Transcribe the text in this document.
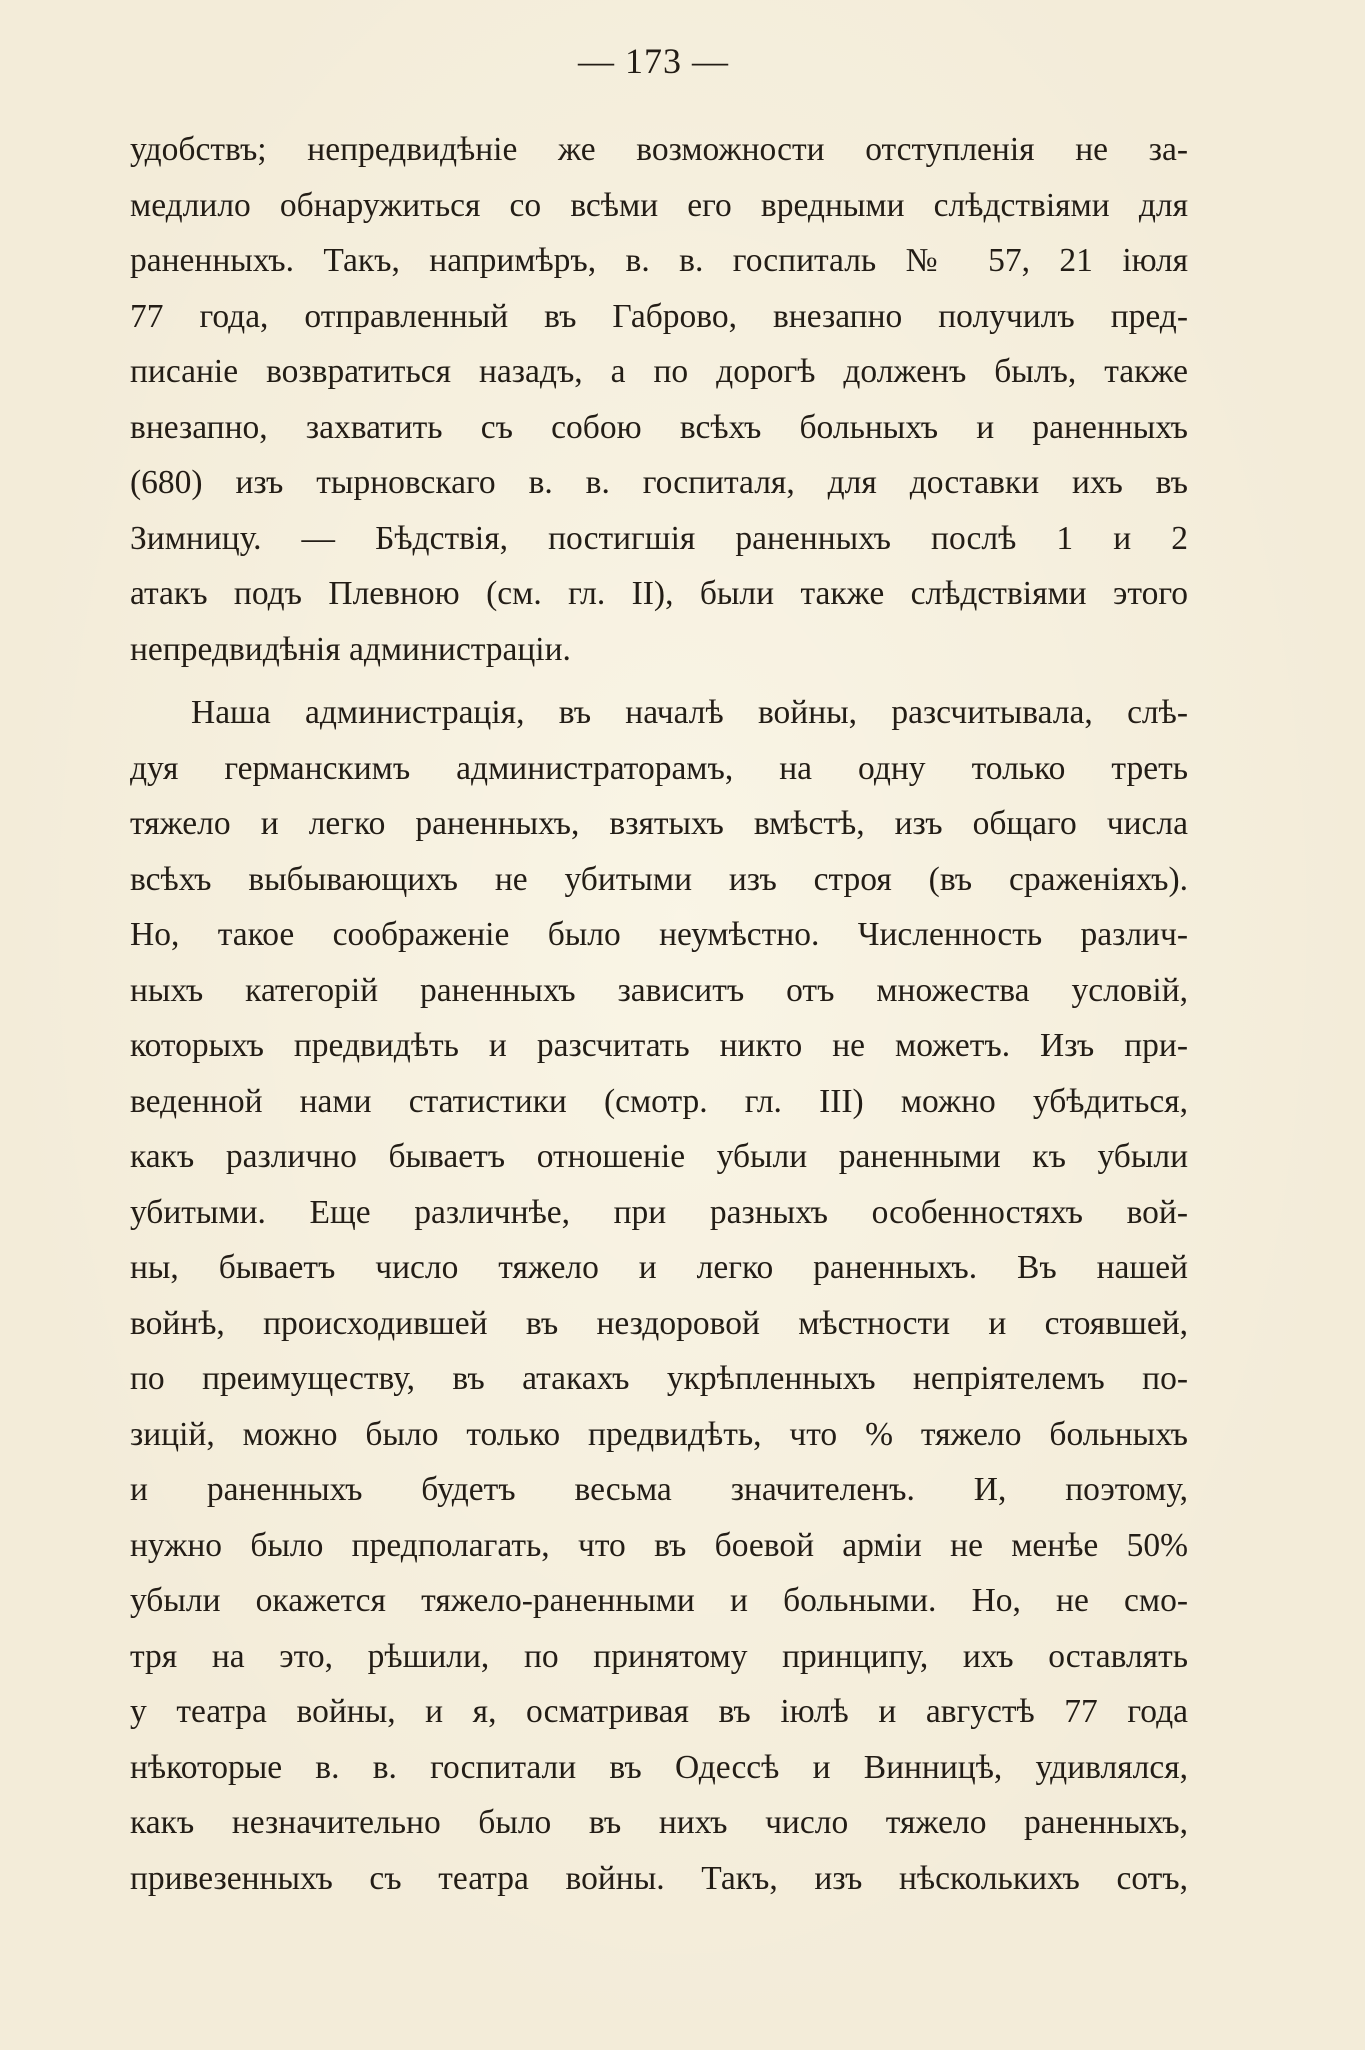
— 173 —
удобствъ; непредвидѣніе же возможности отступленія не за-
медлило обнаружиться со всѣми его вредными слѣдствіями для
раненныхъ. Такъ, напримѣръ, в. в. госпиталь № 57, 21 іюля
77 года, отправленный въ Габрово, внезапно получилъ пред-
писаніе возвратиться назадъ, а по дорогѣ долженъ былъ, также
внезапно, захватить съ собою всѣхъ больныхъ и раненныхъ
(680) изъ тырновскаго в. в. госпиталя, для доставки ихъ въ
Зимницу. — Бѣдствія, постигшія раненныхъ послѣ 1 и 2
атакъ подъ Плевною (см. гл. II), были также слѣдствіями этого
непредвидѣнія администраціи.
Наша администрація, въ началѣ войны, разсчитывала, слѣ-
дуя германскимъ администраторамъ, на одну только треть
тяжело и легко раненныхъ, взятыхъ вмѣстѣ, изъ общаго числа
всѣхъ выбывающихъ не убитыми изъ строя (въ сраженіяхъ).
Но, такое соображеніе было неумѣстно. Численность различ-
ныхъ категорій раненныхъ зависитъ отъ множества условій,
которыхъ предвидѣть и разсчитать никто не можетъ. Изъ при-
веденной нами статистики (смотр. гл. III) можно убѣдиться,
какъ различно бываетъ отношеніе убыли раненными къ убыли
убитыми. Еще различнѣе, при разныхъ особенностяхъ вой-
ны, бываетъ число тяжело и легко раненныхъ. Въ нашей
войнѣ, происходившей въ нездоровой мѣстности и стоявшей,
по преимуществу, въ атакахъ укрѣпленныхъ непріятелемъ по-
зицій, можно было только предвидѣть, что % тяжело больныхъ
и раненныхъ будетъ весьма значителенъ. И, поэтому,
нужно было предполагать, что въ боевой арміи не менѣе 50%
убыли окажется тяжело-раненными и больными. Но, не смо-
тря на это, рѣшили, по принятому принципу, ихъ оставлять
у театра войны, и я, осматривая въ іюлѣ и августѣ 77 года
нѣкоторые в. в. госпитали въ Одессѣ и Винницѣ, удивлялся,
какъ незначительно было въ нихъ число тяжело раненныхъ,
привезенныхъ съ театра войны. Такъ, изъ нѣсколькихъ сотъ,
